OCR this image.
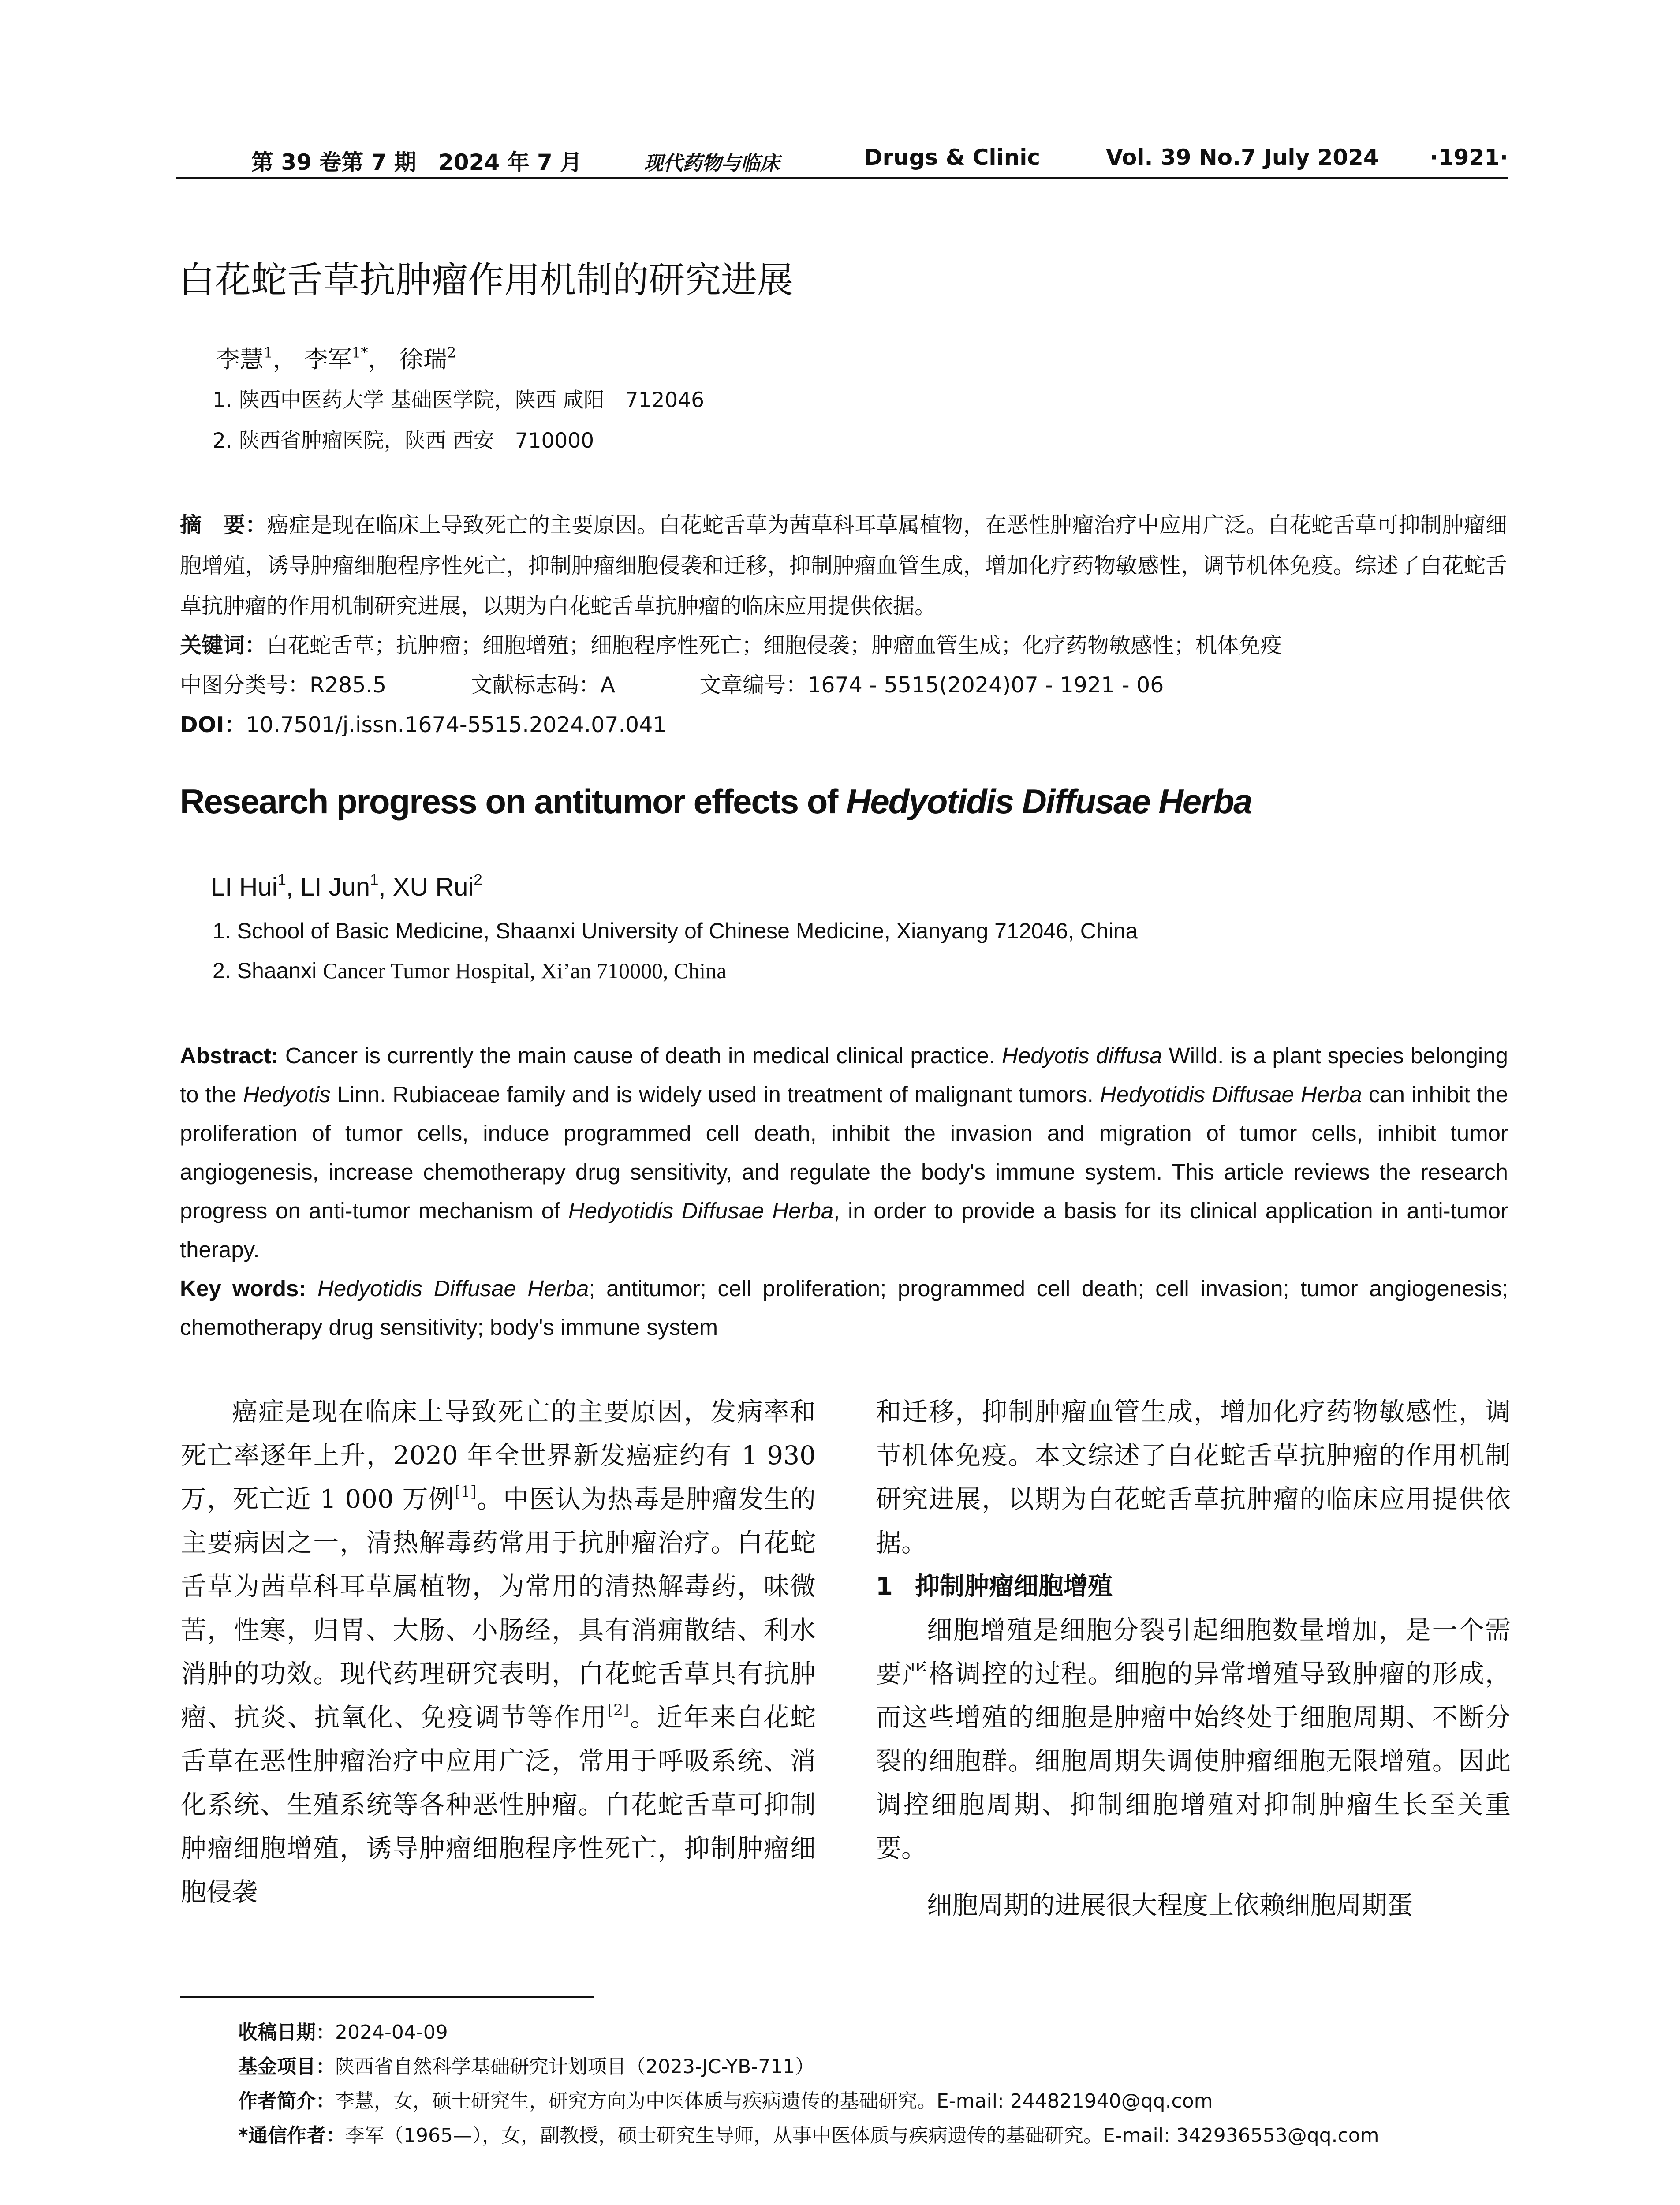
第 39 卷第 7 期　2024 年 7 月	现代药物与临床	Drugs & Clinic	Vol. 39 No.7 July 2024 ·1921·
白花蛇舌草抗肿瘤作用机制的研究进展
李慧$^1$， 李军$^{1*}$， 徐瑞$^2$
1. 陕西中医药大学 基础医学院，陕西 咸阳　712046
2. 陕西省肿瘤医院，陕西 西安　710000
摘　要：癌症是现在临床上导致死亡的主要原因。白花蛇舌草为茜草科耳草属植物，在恶性肿瘤治疗中应用广泛。白花蛇舌草可抑制肿瘤细胞增殖，诱导肿瘤细胞程序性死亡，抑制肿瘤细胞侵袭和迁移，抑制肿瘤血管生成，增加化疗药物敏感性，调节机体免疫。综述了白花蛇舌草抗肿瘤的作用机制研究进展，以期为白花蛇舌草抗肿瘤的临床应用提供依据。
关键词：白花蛇舌草；抗肿瘤；细胞增殖；细胞程序性死亡；细胞侵袭；肿瘤血管生成；化疗药物敏感性；机体免疫
中图分类号：R285.5	文献标志码：A	文章编号：1674 - 5515(2024)07 - 1921 - 06
DOI：10.7501/j.issn.1674-5515.2024.07.041
Research progress on antitumor effects of Hedyotidis Diffusae Herba
LI Hui$^1$, LI Jun$^1$, XU Rui$^2$
1. School of Basic Medicine, Shaanxi University of Chinese Medicine, Xianyang 712046, China
2. Shaanxi Cancer Tumor Hospital, Xi’an 710000, China
Abstract: Cancer is currently the main cause of death in medical clinical practice. Hedyotis diffusa Willd. is a plant species belonging to the Hedyotis Linn. Rubiaceae family and is widely used in treatment of malignant tumors. Hedyotidis Diffusae Herba can inhibit the proliferation of tumor cells, induce programmed cell death, inhibit the invasion and migration of tumor cells, inhibit tumor angiogenesis, increase chemotherapy drug sensitivity, and regulate the body's immune system. This article reviews the research progress on anti-tumor mechanism of Hedyotidis Diffusae Herba, in order to provide a basis for its clinical application in anti-tumor therapy.
Key words: Hedyotidis Diffusae Herba; antitumor; cell proliferation; programmed cell death; cell invasion; tumor angiogenesis; chemotherapy drug sensitivity; body's immune system

癌症是现在临床上导致死亡的主要原因，发病率和死亡率逐年上升，2020 年全世界新发癌症约有 1 930 万，死亡近 1 000 万例[1]。中医认为热毒是肿瘤发生的主要病因之一，清热解毒药常用于抗肿瘤治疗。白花蛇舌草为茜草科耳草属植物，为常用的清热解毒药，味微苦，性寒，归胃、大肠、小肠经，具有消痈散结、利水消肿的功效。现代药理研究表明，白花蛇舌草具有抗肿瘤、抗炎、抗氧化、免疫调节等作用[2]。近年来白花蛇舌草在恶性肿瘤治疗中应用广泛，常用于呼吸系统、消化系统、生殖系统等各种恶性肿瘤。白花蛇舌草可抑制肿瘤细胞增殖，诱导肿瘤细胞程序性死亡，抑制肿瘤细胞侵袭

和迁移，抑制肿瘤血管生成，增加化疗药物敏感性，调节机体免疫。本文综述了白花蛇舌草抗肿瘤的作用机制研究进展，以期为白花蛇舌草抗肿瘤的临床应用提供依据。

1 抑制肿瘤细胞增殖

细胞增殖是细胞分裂引起细胞数量增加，是一个需要严格调控的过程。细胞的异常增殖导致肿瘤的形成，而这些增殖的细胞是肿瘤中始终处于细胞周期、不断分裂的细胞群。细胞周期失调使肿瘤细胞无限增殖。因此调控细胞周期、抑制细胞增殖对抑制肿瘤生长至关重要。

细胞周期的进展很大程度上依赖细胞周期蛋

收稿日期：2024-04-09
基金项目：陕西省自然科学基础研究计划项目（2023-JC-YB-711）
作者简介：李慧，女，硕士研究生，研究方向为中医体质与疾病遗传的基础研究。E-mail: 244821940@qq.com
*通信作者：李军（1965—），女，副教授，硕士研究生导师，从事中医体质与疾病遗传的基础研究。E-mail: 342936553@qq.com
